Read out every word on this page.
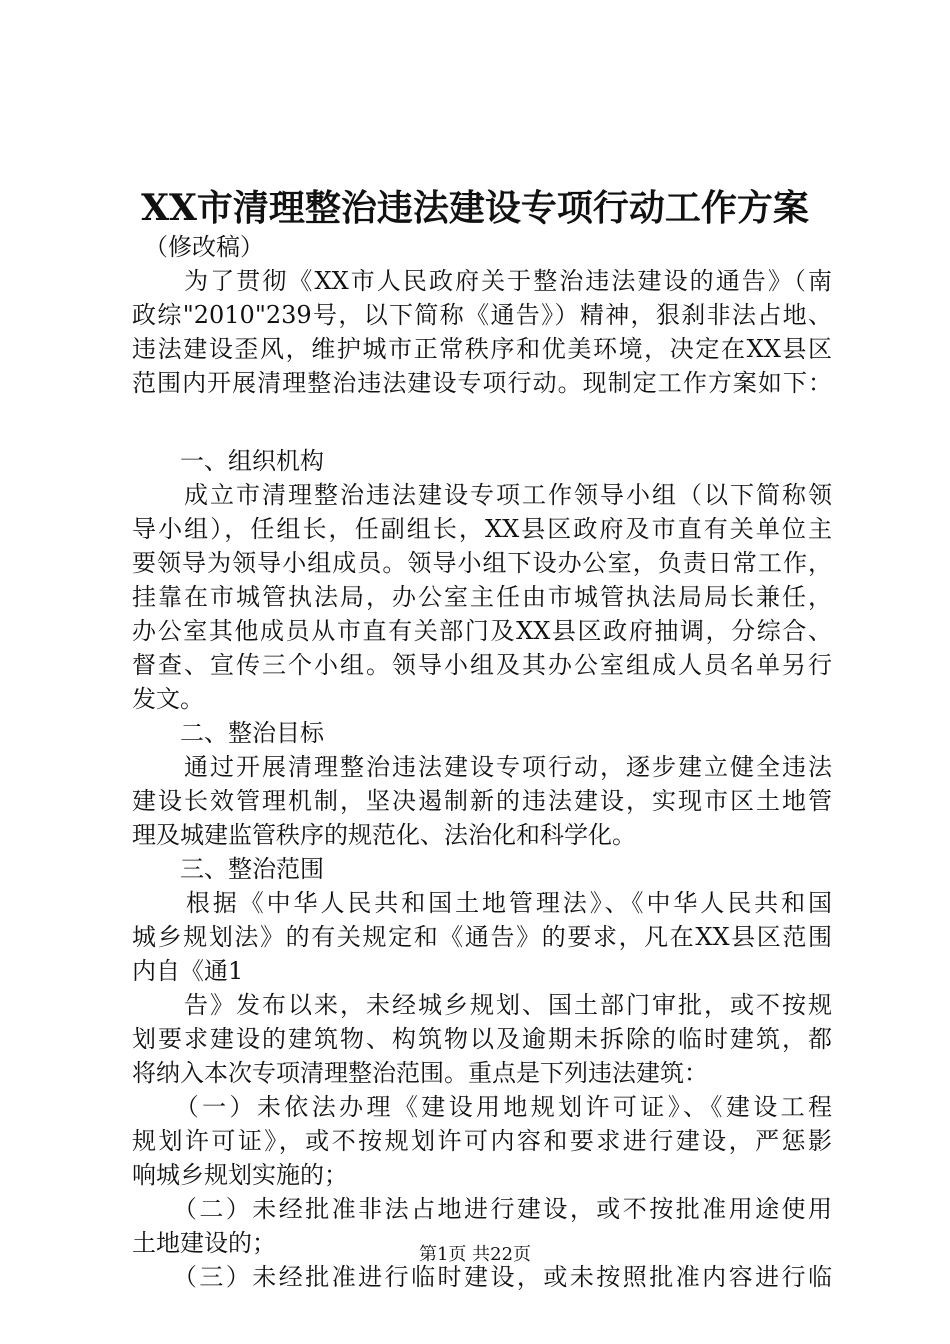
XX市清理整治违法建设专项行动工作方案
　（修改稿）
　　为了贯彻《XX市人民政府关于整治违法建设的通告》（南
政综"2010"239号，以下简称《通告》）精神，狠刹非法占地、
违法建设歪风，维护城市正常秩序和优美环境，决定在XX县区
范围内开展清理整治违法建设专项行动。现制定工作方案如下：
　　一、组织机构
　　成立市清理整治违法建设专项工作领导小组（以下简称领
导小组），任组长，任副组长，XX县区政府及市直有关单位主
要领导为领导小组成员。领导小组下设办公室，负责日常工作，
挂靠在市城管执法局，办公室主任由市城管执法局局长兼任，
办公室其他成员从市直有关部门及XX县区政府抽调，分综合、
督查、宣传三个小组。领导小组及其办公室组成人员名单另行
发文。
　　二、整治目标
　　通过开展清理整治违法建设专项行动，逐步建立健全违法
建设长效管理机制，坚决遏制新的违法建设，实现市区土地管
理及城建监管秩序的规范化、法治化和科学化。
　　三、整治范围
　　根据《中华人民共和国土地管理法》、《中华人民共和国
城乡规划法》的有关规定和《通告》的要求，凡在XX县区范围
内自《通1
　　告》发布以来，未经城乡规划、国土部门审批，或不按规
划要求建设的建筑物、构筑物以及逾期未拆除的临时建筑，都
将纳入本次专项清理整治范围。重点是下列违法建筑：
　　（一）未依法办理《建设用地规划许可证》、《建设工程
规划许可证》，或不按规划许可内容和要求进行建设，严惩影
响城乡规划实施的；
　　（二）未经批准非法占地进行建设，或不按批准用途使用
土地建设的；
　　（三）未经批准进行临时建设，或未按照批准内容进行临
第1页 共22页
